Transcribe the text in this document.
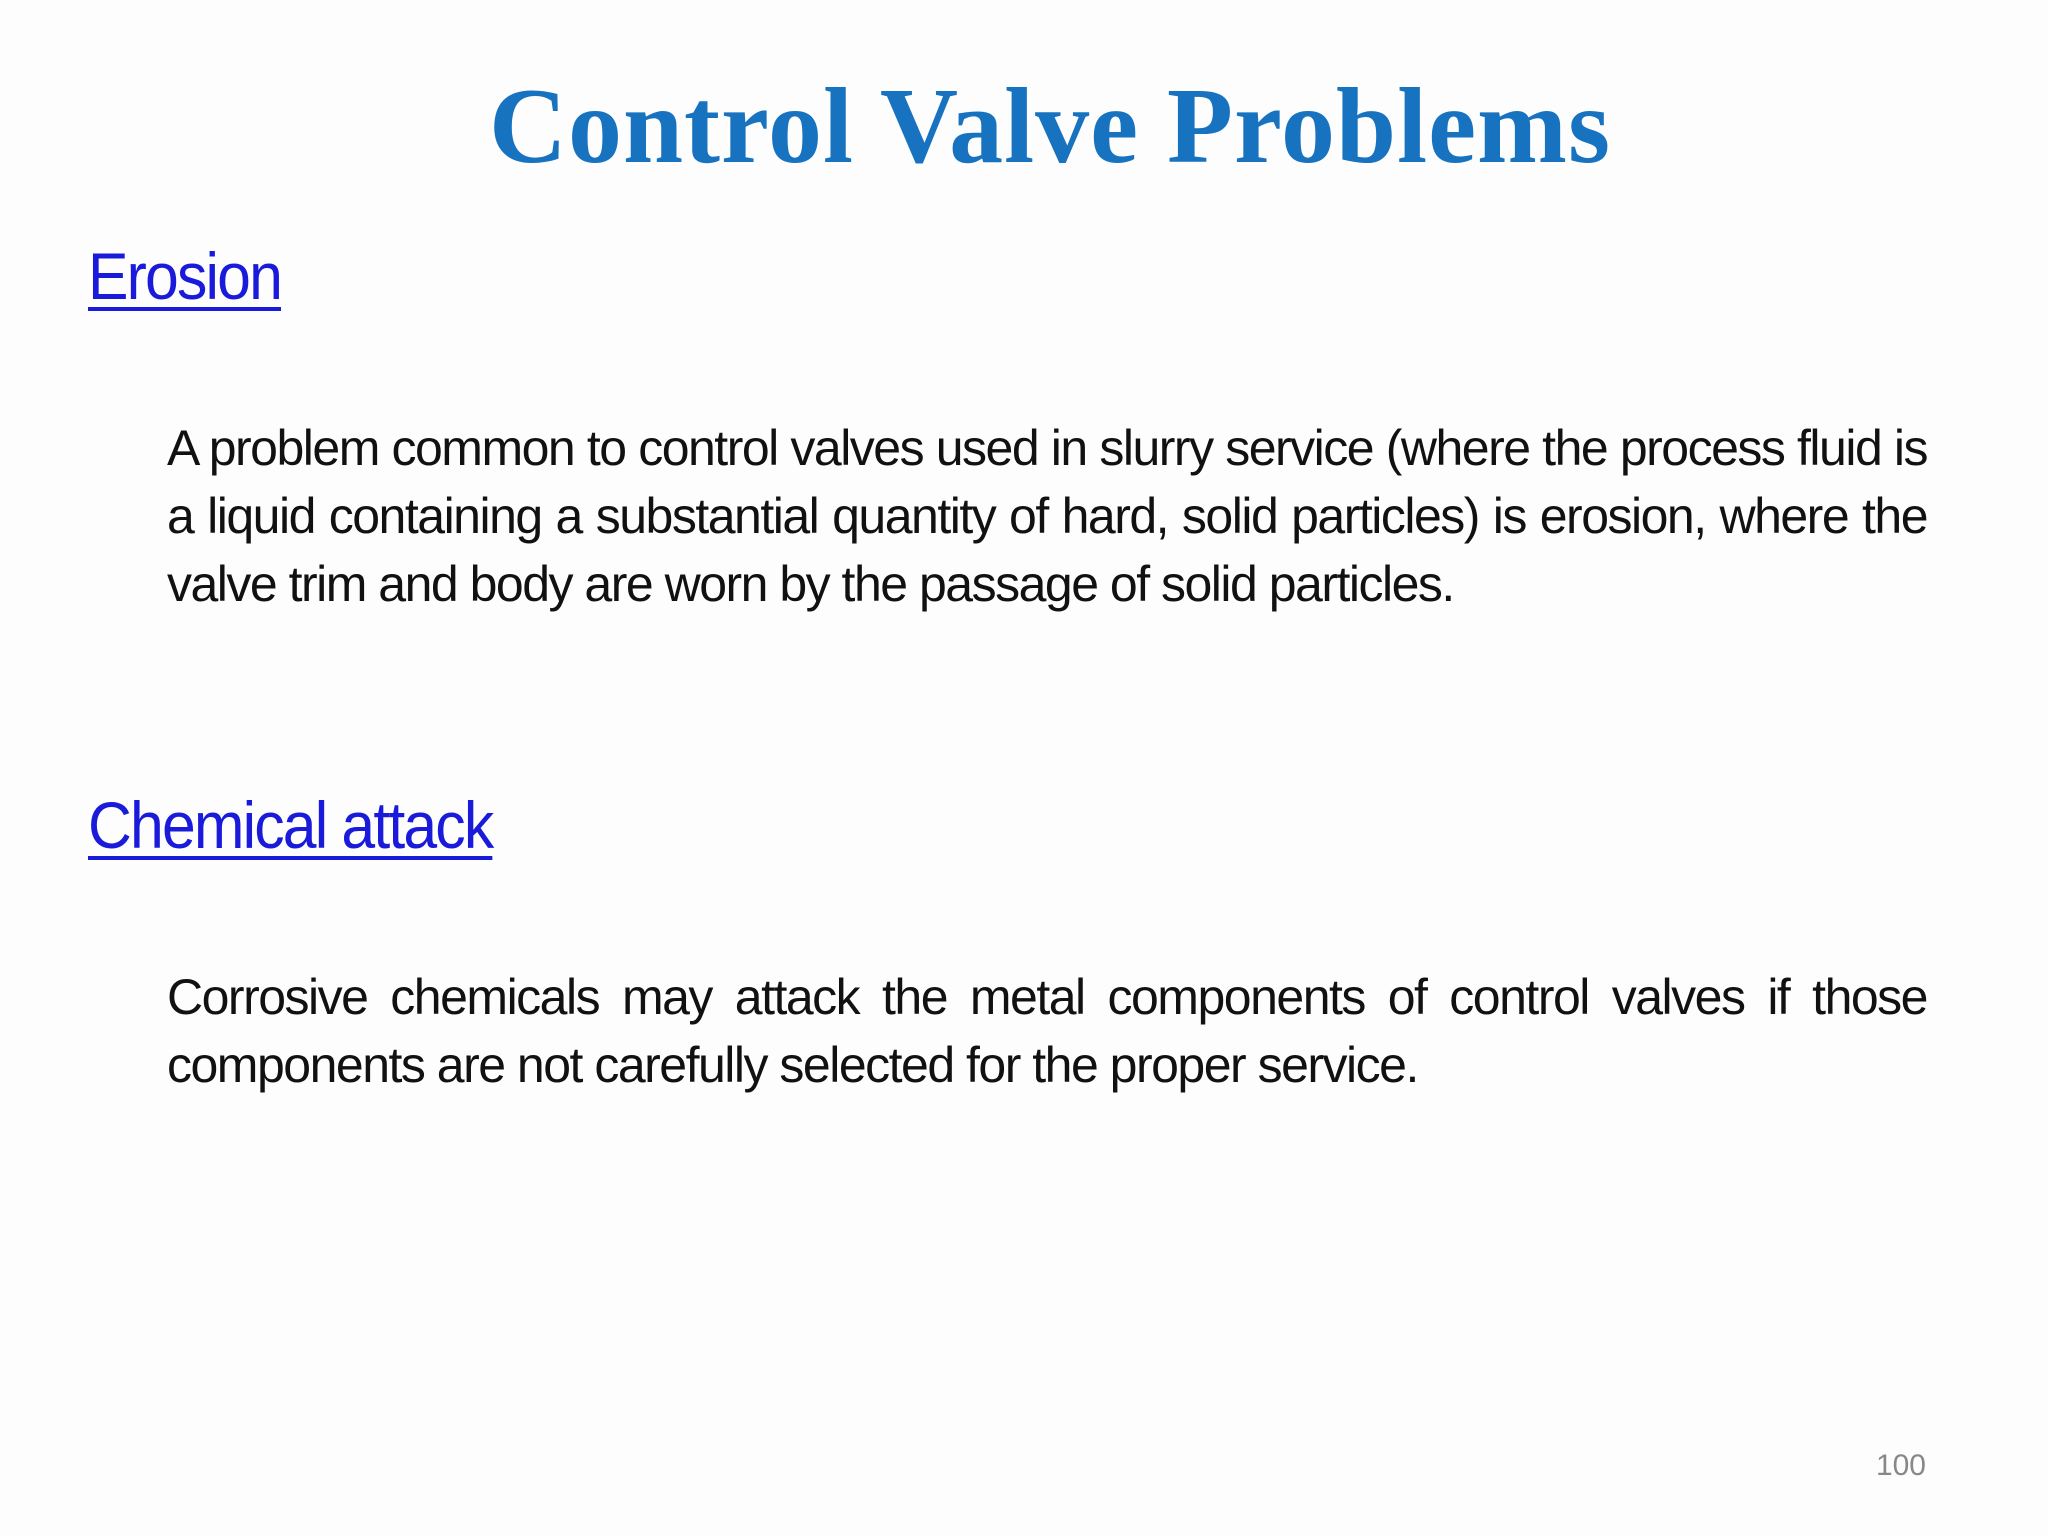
Control Valve Problems
Erosion

A problem common to control valves used in slurry service (where the process fluid is a liquid containing a substantial quantity of hard, solid particles) is erosion, where the valve trim and body are worn by the passage of solid particles.

Chemical attack

Corrosive chemicals may attack the metal components of control valves if those components are not carefully selected for the proper service.

100
